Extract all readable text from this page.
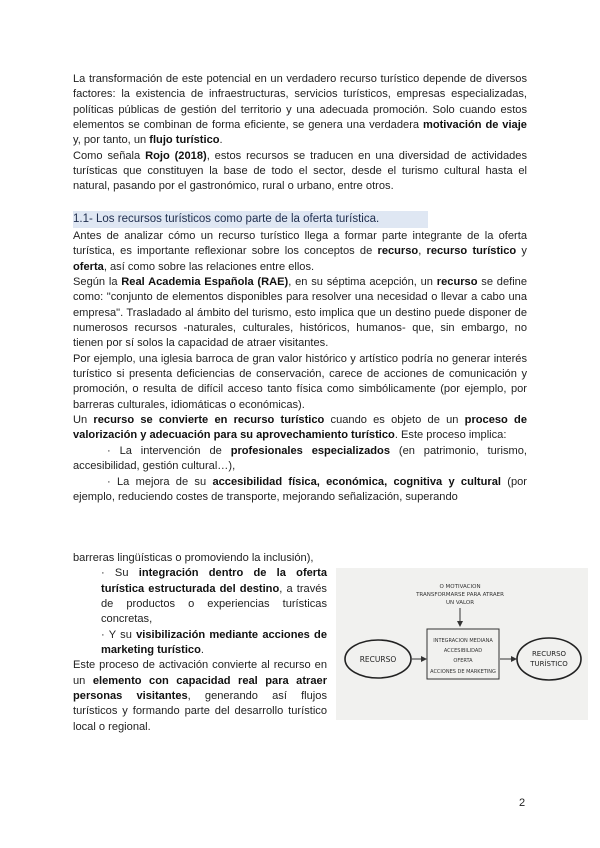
La transformación de este potencial en un verdadero recurso turístico depende de diversos factores: la existencia de infraestructuras, servicios turísticos, empresas especializadas, políticas públicas de gestión del territorio y una adecuada promoción. Solo cuando estos elementos se combinan de forma eficiente, se genera una verdadera motivación de viaje y, por tanto, un flujo turístico.

Como señala Rojo (2018), estos recursos se traducen en una diversidad de actividades turísticas que constituyen la base de todo el sector, desde el turismo cultural hasta el natural, pasando por el gastronómico, rural o urbano, entre otros.

1.1- Los recursos turísticos como parte de la oferta turística.

Antes de analizar cómo un recurso turístico llega a formar parte integrante de la oferta turística, es importante reflexionar sobre los conceptos de recurso, recurso turístico y oferta, así como sobre las relaciones entre ellos.

Según la Real Academia Española (RAE), en su séptima acepción, un recurso se define como: "conjunto de elementos disponibles para resolver una necesidad o llevar a cabo una empresa". Trasladado al ámbito del turismo, esto implica que un destino puede disponer de numerosos recursos -naturales, culturales, históricos, humanos- que, sin embargo, no tienen por sí solos la capacidad de atraer visitantes.

Por ejemplo, una iglesia barroca de gran valor histórico y artístico podría no generar interés turístico si presenta deficiencias de conservación, carece de acciones de comunicación y promoción, o resulta de difícil acceso tanto física como simbólicamente (por ejemplo, por barreras culturales, idiomáticas o económicas).

Un recurso se convierte en recurso turístico cuando es objeto de un proceso de valorización y adecuación para su aprovechamiento turístico. Este proceso implica:

· La intervención de profesionales especializados (en patrimonio, turismo, accesibilidad, gestión cultural…),

· La mejora de su accesibilidad física, económica, cognitiva y cultural (por ejemplo, reduciendo costes de transporte, mejorando señalización, superando

barreras lingüísticas o promoviendo la inclusión),

· Su integración dentro de la oferta turística estructurada del destino, a través de productos o experiencias turísticas concretas,

· Y su visibilización mediante acciones de marketing turístico.

Este proceso de activación convierte al recurso en un elemento con capacidad real para atraer personas visitantes, generando así flujos turísticos y formando parte del desarrollo turístico local o regional.

O MOTIVACION
TRANSFORMARSE PARA ATRAER
UN VALOR
INTEGRACION MEDIANA
ACCESIBILIDAD
OFERTA
ACCIONES DE MARKETING
RECURSO
RECURSO
TURÍSTICO
2
